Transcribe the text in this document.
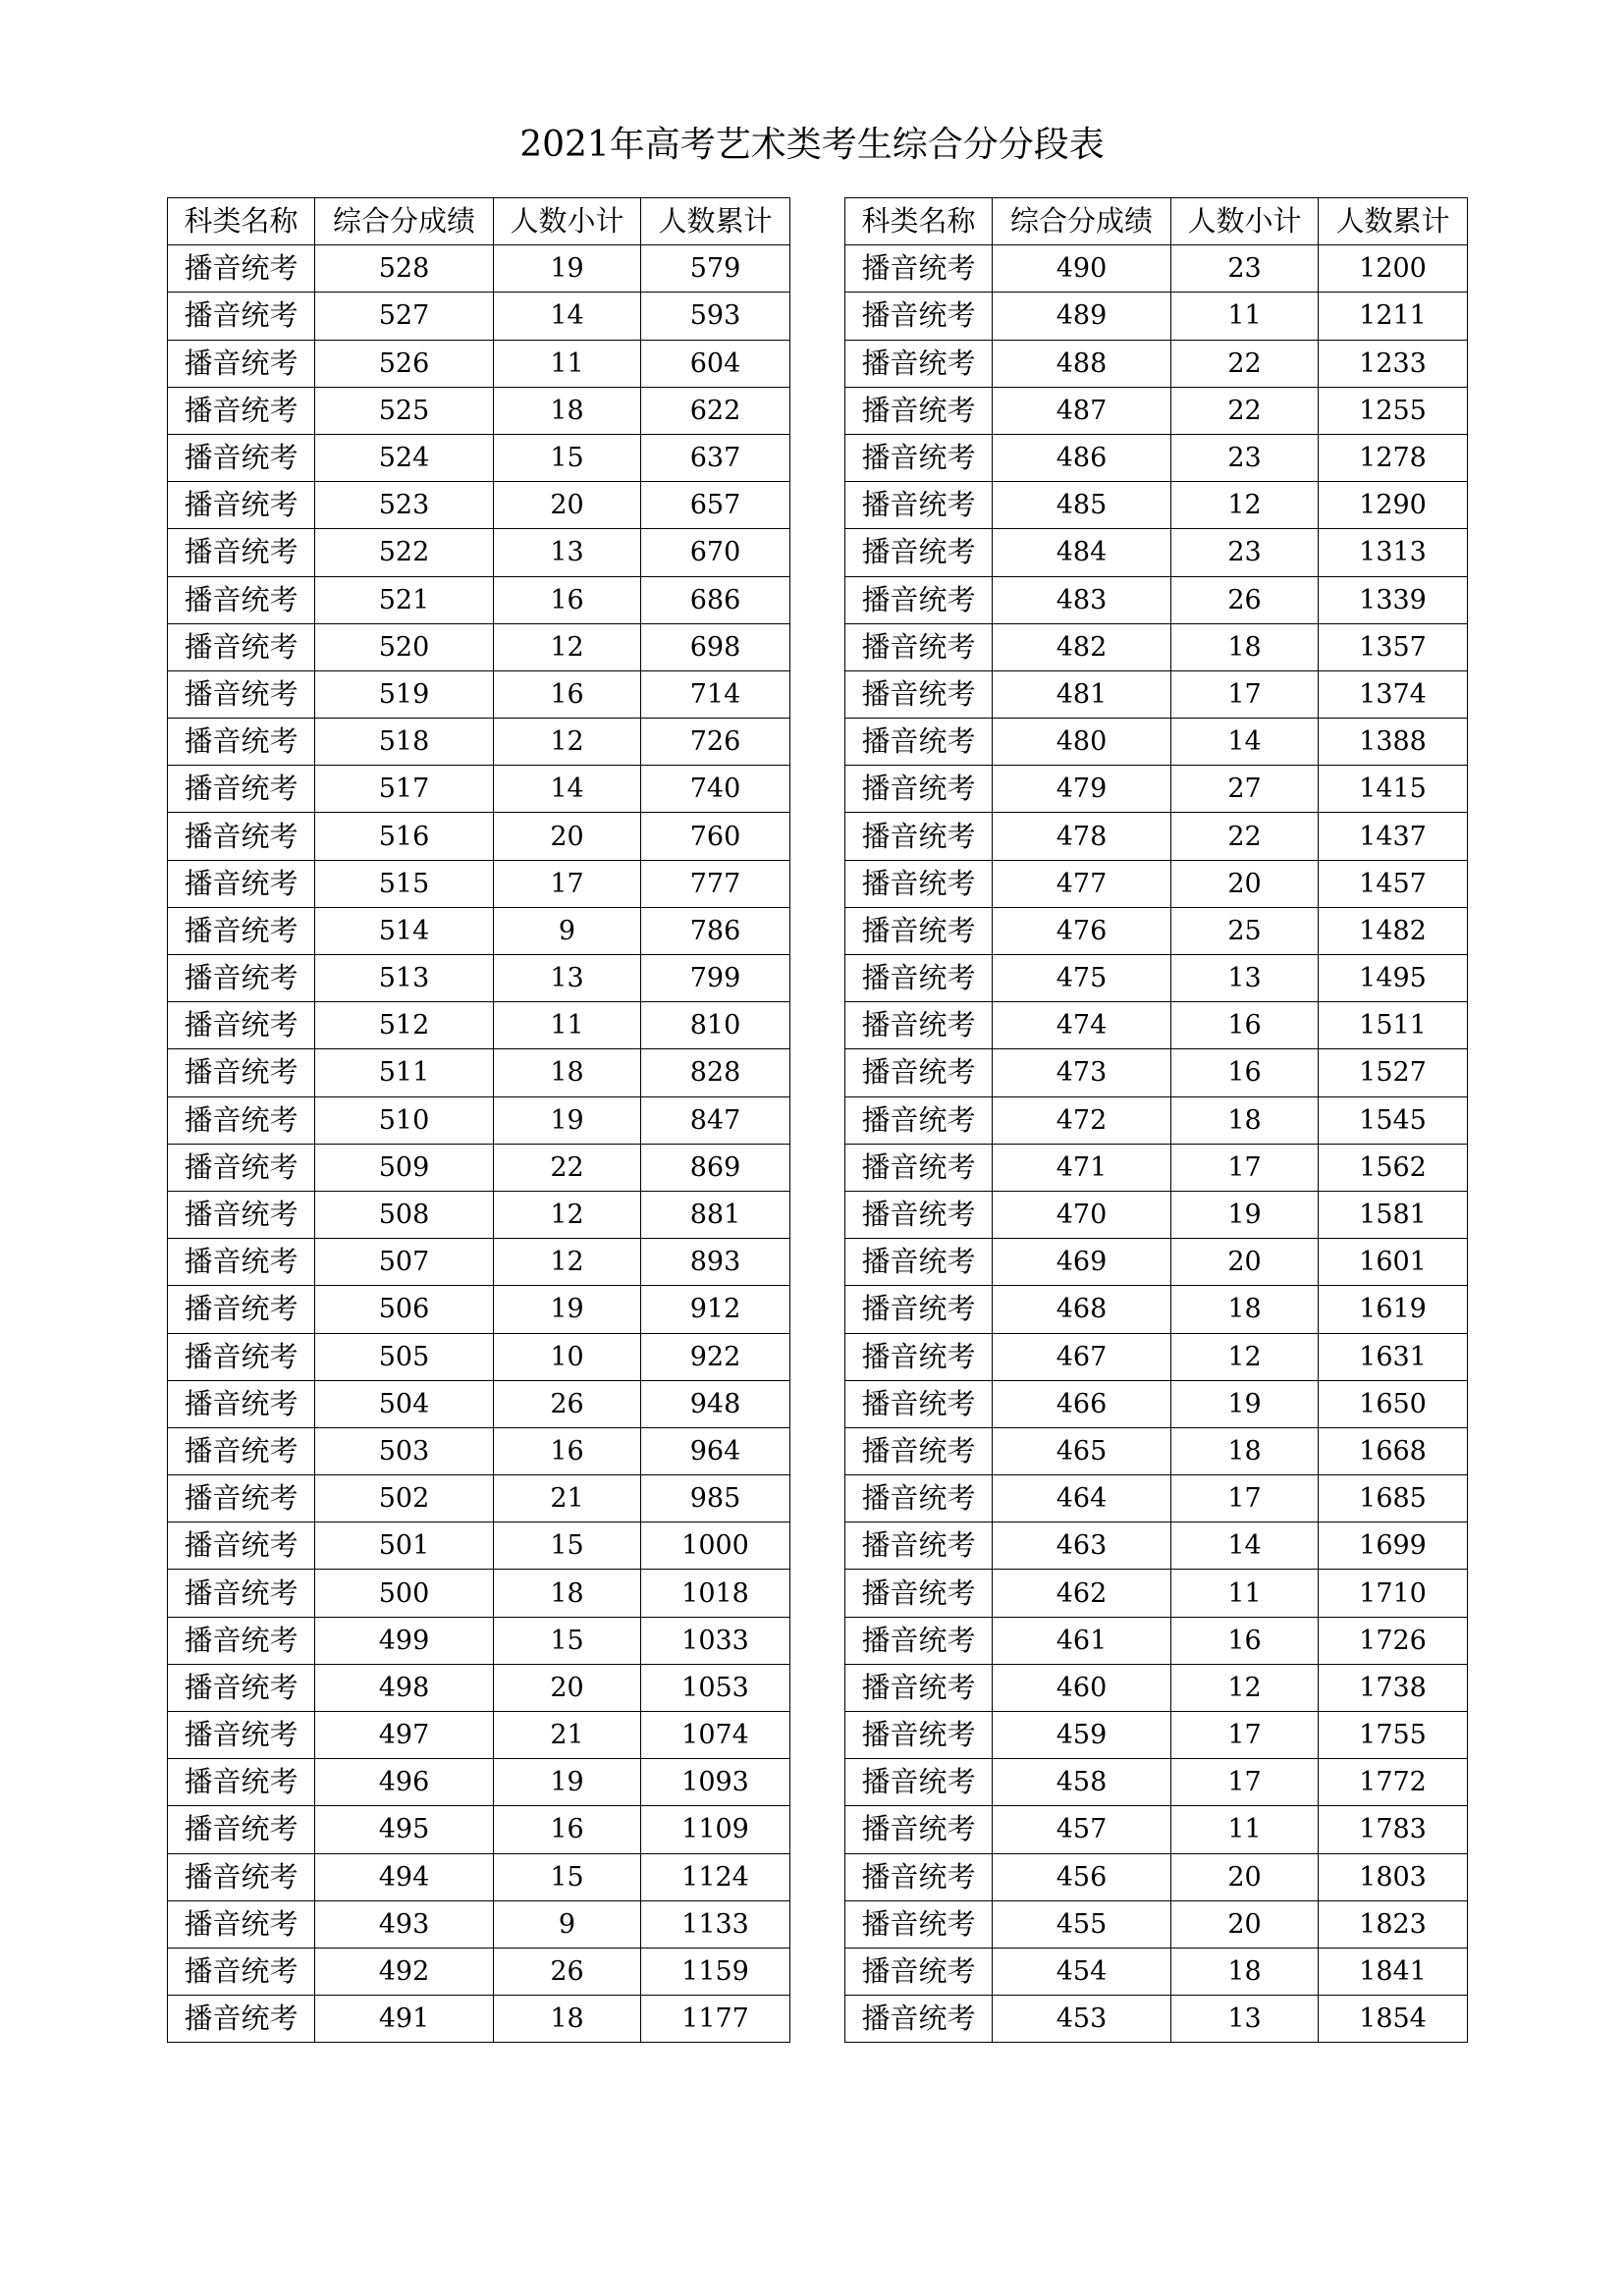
2021年高考艺术类考生综合分分段表
科类名称	综合分成绩	人数小计	人数累计
播音统考	528	19	579
播音统考	527	14	593
播音统考	526	11	604
播音统考	525	18	622
播音统考	524	15	637
播音统考	523	20	657
播音统考	522	13	670
播音统考	521	16	686
播音统考	520	12	698
播音统考	519	16	714
播音统考	518	12	726
播音统考	517	14	740
播音统考	516	20	760
播音统考	515	17	777
播音统考	514	9	786
播音统考	513	13	799
播音统考	512	11	810
播音统考	511	18	828
播音统考	510	19	847
播音统考	509	22	869
播音统考	508	12	881
播音统考	507	12	893
播音统考	506	19	912
播音统考	505	10	922
播音统考	504	26	948
播音统考	503	16	964
播音统考	502	21	985
播音统考	501	15	1000
播音统考	500	18	1018
播音统考	499	15	1033
播音统考	498	20	1053
播音统考	497	21	1074
播音统考	496	19	1093
播音统考	495	16	1109
播音统考	494	15	1124
播音统考	493	9	1133
播音统考	492	26	1159
播音统考	491	18	1177
科类名称	综合分成绩	人数小计	人数累计
播音统考	490	23	1200
播音统考	489	11	1211
播音统考	488	22	1233
播音统考	487	22	1255
播音统考	486	23	1278
播音统考	485	12	1290
播音统考	484	23	1313
播音统考	483	26	1339
播音统考	482	18	1357
播音统考	481	17	1374
播音统考	480	14	1388
播音统考	479	27	1415
播音统考	478	22	1437
播音统考	477	20	1457
播音统考	476	25	1482
播音统考	475	13	1495
播音统考	474	16	1511
播音统考	473	16	1527
播音统考	472	18	1545
播音统考	471	17	1562
播音统考	470	19	1581
播音统考	469	20	1601
播音统考	468	18	1619
播音统考	467	12	1631
播音统考	466	19	1650
播音统考	465	18	1668
播音统考	464	17	1685
播音统考	463	14	1699
播音统考	462	11	1710
播音统考	461	16	1726
播音统考	460	12	1738
播音统考	459	17	1755
播音统考	458	17	1772
播音统考	457	11	1783
播音统考	456	20	1803
播音统考	455	20	1823
播音统考	454	18	1841
播音统考	453	13	1854
